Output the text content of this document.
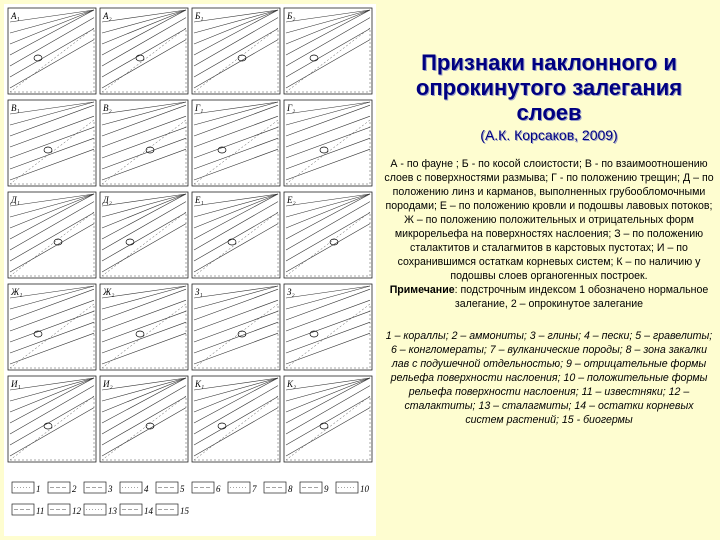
А₁	А₂	Б₁	Б₂
В₁	В₂	Г₁	Г₂
Д₁	Д₂	Е₁	Е₂
Ж₁	Ж₂	З₁	З₂
И₁	И₂	К₁	К₂
1	2	3	4	5	6	7	8	9	10
11	12	13	14	15
Признаки наклонного и опрокинутого залегания слоев
(А.К. Корсаков, 2009)
А - по фауне ; Б - по косой слоистости; В - по взаимоотношению слоев с поверхностями размыва; Г - по положению трещин; Д – по положению линз и карманов, выполненных грубообломочными породами; Е – по положению кровли и подошвы лавовых потоков; Ж – по положению положительных и отрицательных форм микрорельефа на поверхностях наслоения; З – по положению сталактитов и сталагмитов в карстовых пустотах; И – по сохранившимся остаткам корневых систем; К – по наличию у подошвы слоев органогенных построек.
Примечание: подстрочным индексом 1 обозначено нормальное залегание, 2 – опрокинутое залегание
1 – кораллы; 2 – аммониты; 3 – глины; 4 – пески; 5 – гравелиты; 6 – конгломераты; 7 – вулканические породы; 8 – зона закалки лав с подушечной отдельностью; 9 – отрицательные формы рельефа поверхности наслоения; 10 – положительные формы рельефа поверхности наслоения; 11 – известняки; 12 – сталактиты; 13 – сталагмиты; 14 – остатки корневых систем растений; 15 - биогермы
